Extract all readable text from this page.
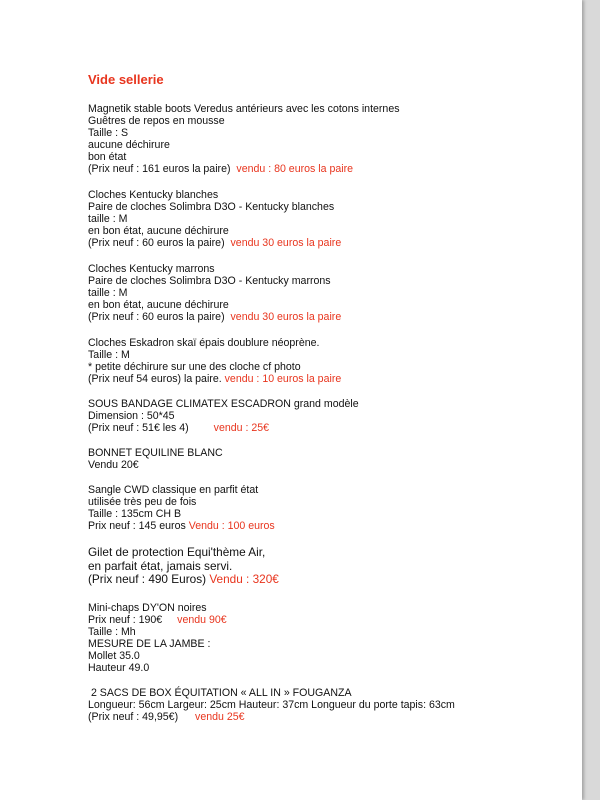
Vide sellerie
Magnetik stable boots Veredus antérieurs avec les cotons internes
Guêtres de repos en mousse
Taille : S
aucune déchirure
bon état
(Prix neuf : 161 euros la paire) vendu : 80 euros la paire
Cloches Kentucky blanches
Paire de cloches Solimbra D3O - Kentucky blanches
taille : M
en bon état, aucune déchirure
(Prix neuf : 60 euros la paire) vendu 30 euros la paire
Cloches Kentucky marrons
Paire de cloches Solimbra D3O - Kentucky marrons
taille : M
en bon état, aucune déchirure
(Prix neuf : 60 euros la paire) vendu 30 euros la paire
Cloches Eskadron skaï épais doublure néoprène.
Taille : M
* petite déchirure sur une des cloche cf photo
(Prix neuf 54 euros) la paire. vendu : 10 euros la paire
SOUS BANDAGE CLIMATEX ESCADRON grand modèle
Dimension : 50*45
(Prix neuf : 51€ les 4) vendu : 25€
BONNET EQUILINE BLANC
Vendu 20€
Sangle CWD classique en parfit état
utilisée très peu de fois
Taille : 135cm CH B
Prix neuf : 145 euros Vendu : 100 euros
Gilet de protection Equi'thème Air,
en parfait état, jamais servi.
(Prix neuf : 490 Euros) Vendu : 320€
Mini-chaps DY'ON noires
Prix neuf : 190€ vendu 90€
Taille : Mh
MESURE DE LA JAMBE :
Mollet 35.0
Hauteur 49.0
2 SACS DE BOX ÉQUITATION « ALL IN » FOUGANZA
Longueur: 56cm Largeur: 25cm Hauteur: 37cm Longueur du porte tapis: 63cm
(Prix neuf : 49,95€) vendu 25€
